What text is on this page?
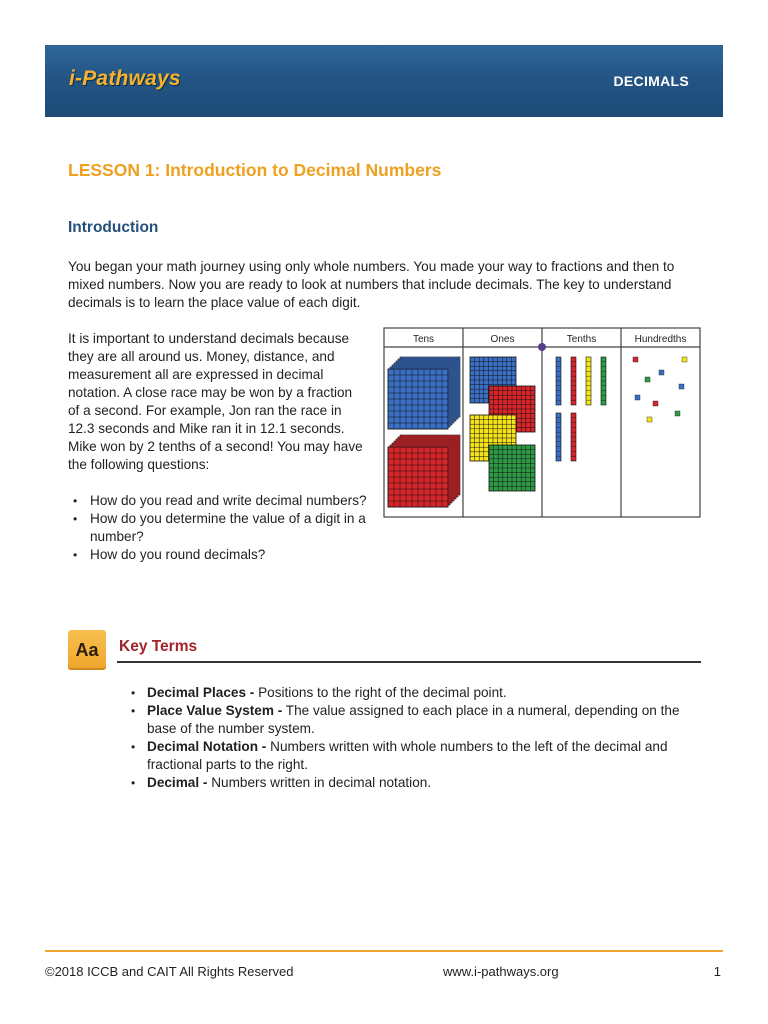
i-Pathways	DECIMALS
LESSON 1: Introduction to Decimal Numbers
Introduction

You began your math journey using only whole numbers. You made your way to fractions and then to mixed numbers. Now you are ready to look at numbers that include decimals. The key to understand decimals is to learn the place value of each digit.

It is important to understand decimals because they are all around us. Money, distance, and measurement all are expressed in decimal notation. A close race may be won by a fraction of a second. For example, Jon ran the race in 12.3 seconds and Mike ran it in 12.1 seconds. Mike won by 2 tenths of a second! You may have the following questions:

• How do you read and write decimal numbers?
• How do you determine the value of a digit in a number?
• How do you round decimals?
Tens	Ones	Tenths	Hundredths
Aa	Key Terms
• Decimal Places - Positions to the right of the decimal point.
• Place Value System - The value assigned to each place in a numeral, depending on the base of the number system.
• Decimal Notation - Numbers written with whole numbers to the left of the decimal and fractional parts to the right.
• Decimal - Numbers written in decimal notation.
©2018 ICCB and CAIT All Rights Reserved	www.i-pathways.org	1
